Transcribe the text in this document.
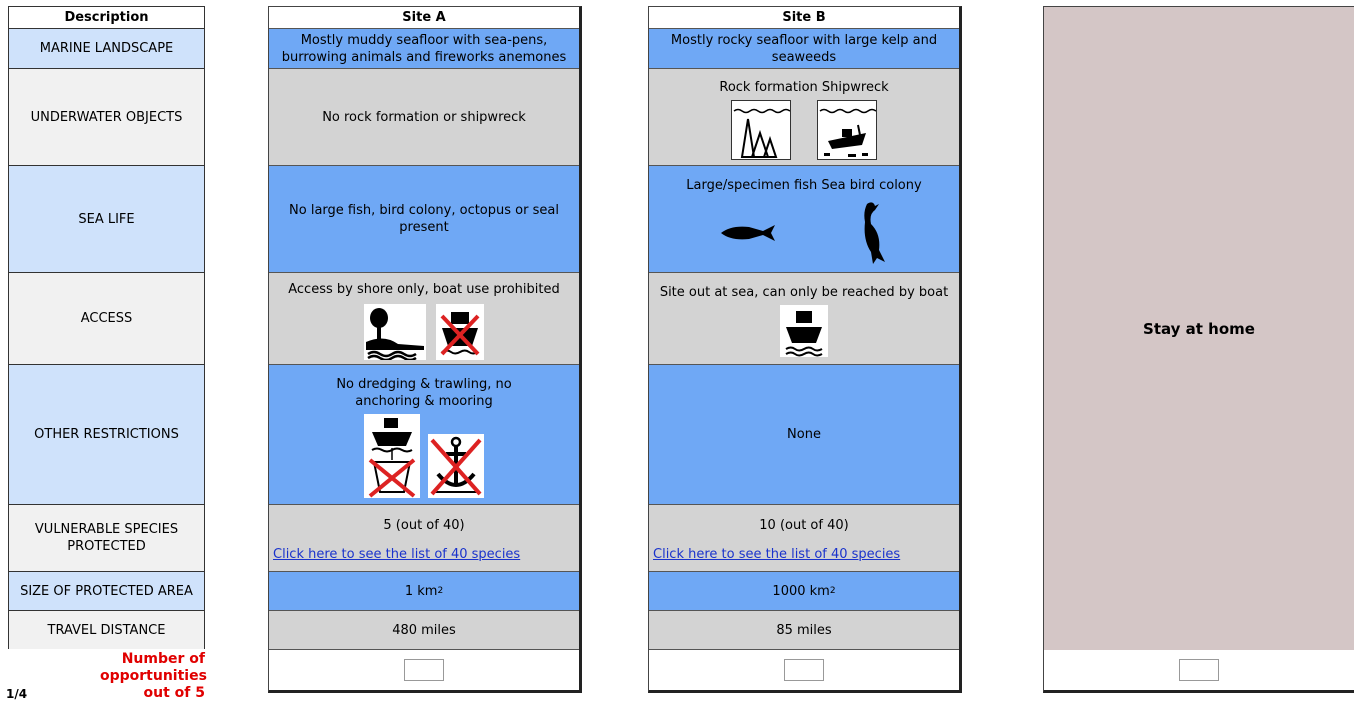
Description
MARINE LANDSCAPE
UNDERWATER OBJECTS
SEA LIFE
ACCESS
OTHER RESTRICTIONS
VULNERABLE SPECIES PROTECTED
SIZE OF PROTECTED AREA
TRAVEL DISTANCE
Site A
Mostly muddy seafloor with sea-pens, burrowing animals and fireworks anemones
No rock formation or shipwreck
No large fish, bird colony, octopus or seal present
Access by shore only, boat use prohibited
No dredging & trawling, no anchoring & mooring
5 (out of 40)
Click here to see the list of 40 species
1 km 2
480 miles
Site B
Mostly rocky seafloor with large kelp and seaweeds
Rock formation Shipwreck
Large/specimen fish Sea bird colony
Site out at sea, can only be reached by boat
None
10 (out of 40)
Click here to see the list of 40 species
1000 km 2
85 miles
Stay at home
Number of opportunities out of 5
1/4
